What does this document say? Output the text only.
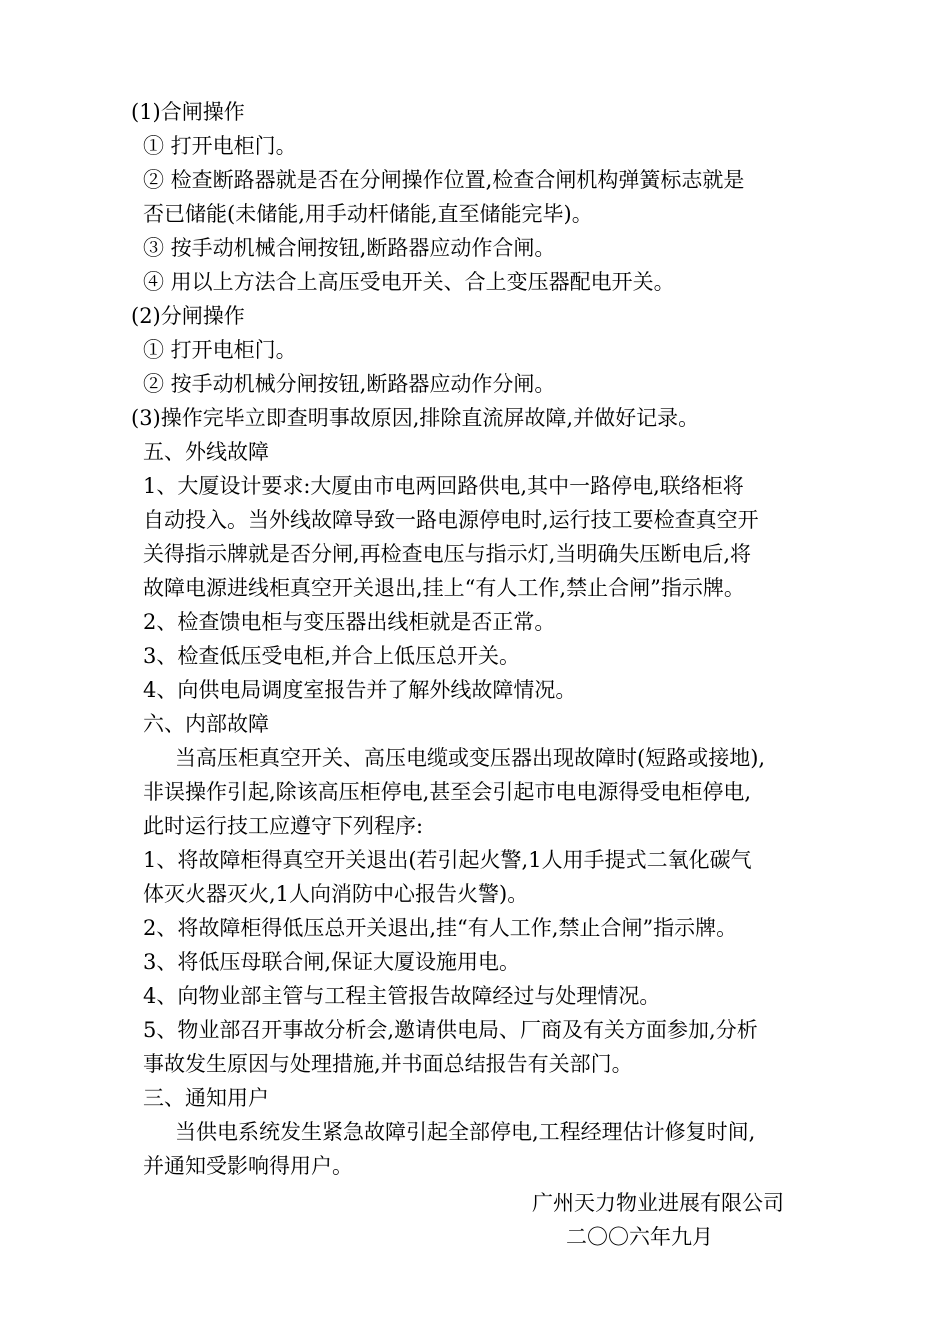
(1)合闸操作
① 打开电柜门。
② 检查断路器就是否在分闸操作位置,检查合闸机构弹簧标志就是
否已储能(未储能,用手动杆储能,直至储能完毕)。
③ 按手动机械合闸按钮,断路器应动作合闸。
④ 用以上方法合上高压受电开关、合上变压器配电开关。
(2)分闸操作
① 打开电柜门。
② 按手动机械分闸按钮,断路器应动作分闸。
(3)操作完毕立即查明事故原因,排除直流屏故障,并做好记录。
五、外线故障
1、大厦设计要求:大厦由市电两回路供电,其中一路停电,联络柜将
自动投入。当外线故障导致一路电源停电时,运行技工要检查真空开
关得指示牌就是否分闸,再检查电压与指示灯,当明确失压断电后,将
故障电源进线柜真空开关退出,挂上“有人工作,禁止合闸”指示牌。
2、检查馈电柜与变压器出线柜就是否正常。
3、检查低压受电柜,并合上低压总开关。
4、向供电局调度室报告并了解外线故障情况。
六、内部故障
当高压柜真空开关、高压电缆或变压器出现故障时(短路或接地),
非误操作引起,除该高压柜停电,甚至会引起市电电源得受电柜停电,
此时运行技工应遵守下列程序:
1、将故障柜得真空开关退出(若引起火警,1人用手提式二氧化碳气
体灭火器灭火,1人向消防中心报告火警)。
2、将故障柜得低压总开关退出,挂“有人工作,禁止合闸”指示牌。
3、将低压母联合闸,保证大厦设施用电。
4、向物业部主管与工程主管报告故障经过与处理情况。
5、物业部召开事故分析会,邀请供电局、厂商及有关方面参加,分析
事故发生原因与处理措施,并书面总结报告有关部门。
三、通知用户
当供电系统发生紧急故障引起全部停电,工程经理估计修复时间,
并通知受影响得用户。
广州天力物业进展有限公司
二〇〇六年九月
